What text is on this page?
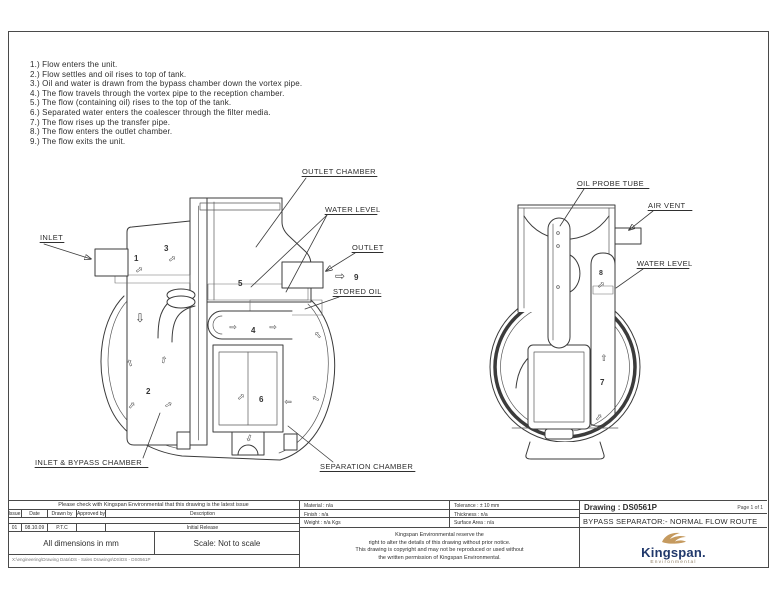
1.) Flow enters the unit.
2.) Flow settles and oil rises to top of tank.
3.) Oil and water is drawn from the bypass chamber down the vortex pipe.
4.) The flow travels through the vortex pipe to the reception chamber.
5.) The flow (containing oil) rises to the top of the tank.
6.) Separated water enters the coalescer through the filter media.
7.) The flow rises up the transfer pipe.
8.) The flow enters the outlet chamber.
9.) The flow exits the unit.
1
3
5
4
2
6
9
⇨
⇨
⇩
⇧	⇧
⇨	⇨
⇨	⇨
⇨	⇨
⇨
⇨
⇩
⇨
OUTLET CHAMBER
WATER LEVEL
INLET
OUTLET
STORED OIL
INLET & BYPASS CHAMBER	SEPARATION CHAMBER
8
⇨
7
⇧
⇨
OIL PROBE TUBE
AIR VENT
WATER LEVEL
Please check with Kingspan Environmental that this drawing is the latest issue
Issue Date Drawn by Approved by	Description
01 08.10.09 P.T.C	Initial Release
All dimensions in mm	Scale: Not to scale
X:\engineering\Drawing Data\DS - Sales Drawings\DS\DS - DS0561P
Material : n/a	Tolerance : ± 10 mm
Finish : n/a	Thickness : n/a
Weight : n/a Kgs	Surface Area : n/a
Kingspan Environmental reserve the
right to alter the details of this drawing without prior notice.
This drawing is copyright and may not be reproduced or used without
the written permission of Kingspan Environmental.
Drawing : DS0561P	Page 1 of 1
BYPASS SEPARATOR:- NORMAL FLOW ROUTE
Kingspan.
Environmental
